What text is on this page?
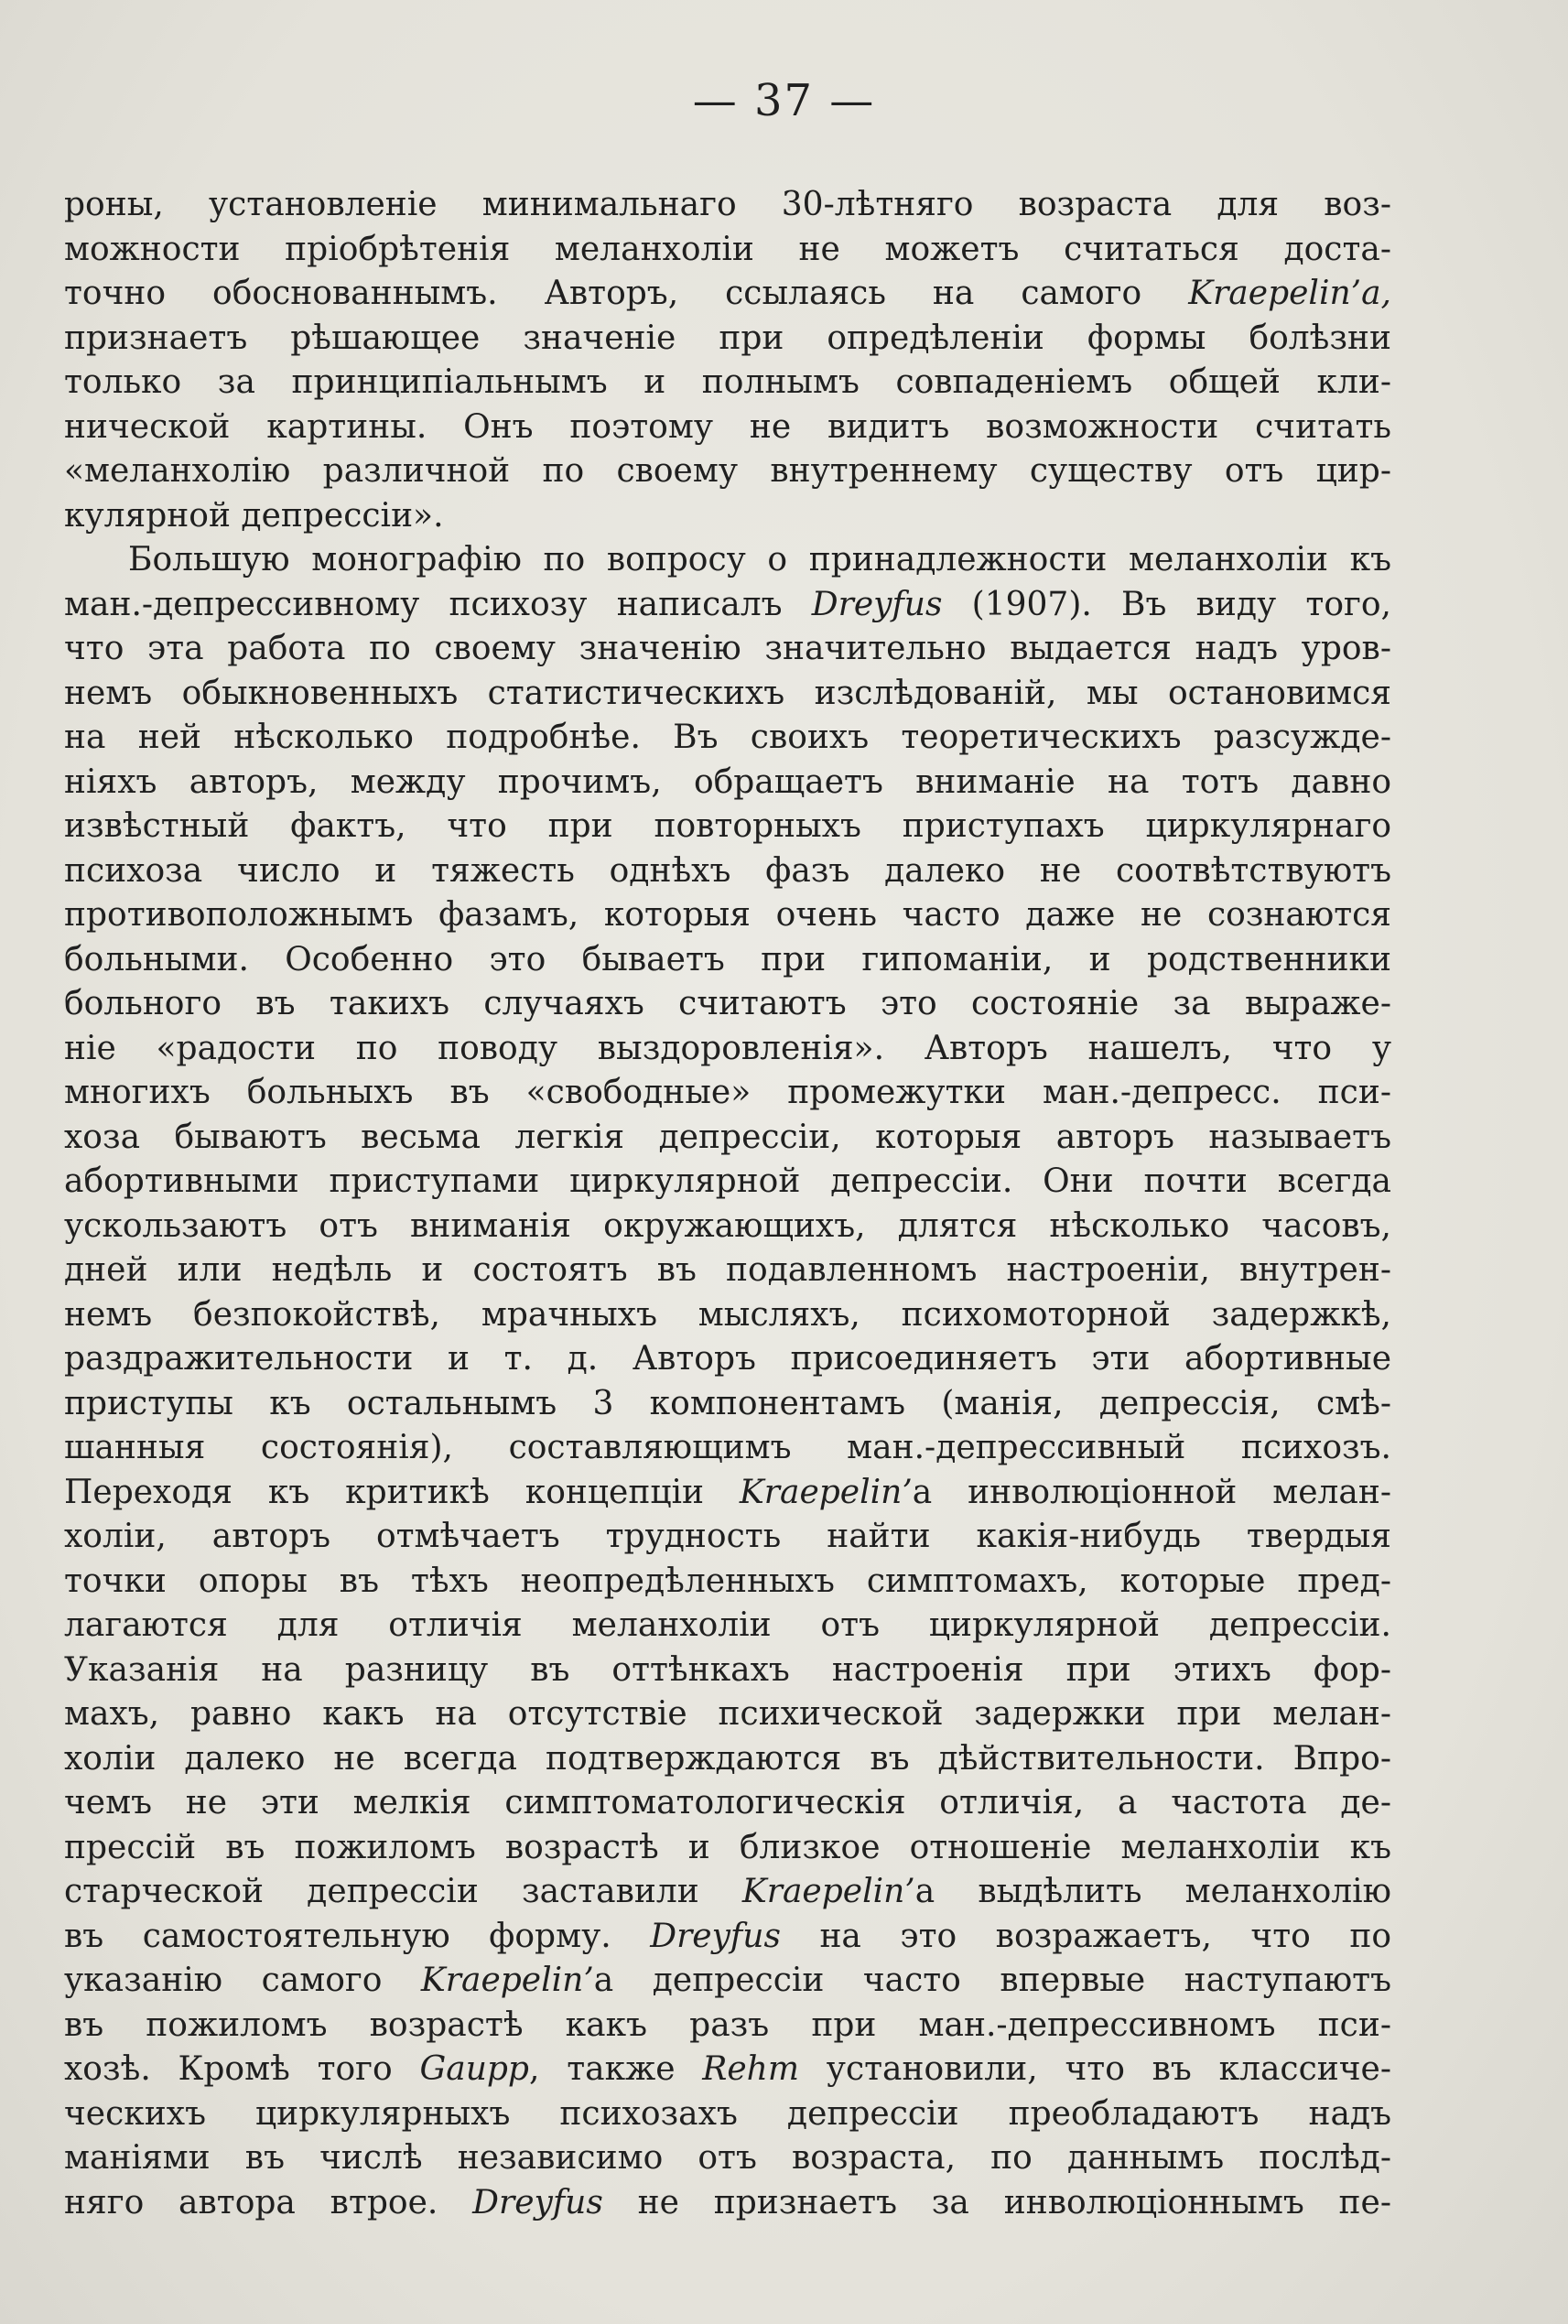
— 37 —
роны, установленіе минимальнаго 30-лѣтняго возраста для воз-
можности пріобрѣтенія меланхоліи не можетъ считаться доста-
точно обоснованнымъ. Авторъ, ссылаясь на самого Kraepelin’а,
признаетъ рѣшающее значеніе при опредѣленіи формы болѣзни
только за принципіальнымъ и полнымъ совпаденіемъ общей кли-
нической картины. Онъ поэтому не видитъ возможности считать
«меланхолію различной по своему внутреннему существу отъ цир-
кулярной депрессіи».
Большую монографію по вопросу о принадлежности меланхоліи къ
ман.-депрессивному психозу написалъ Dreyfus (1907). Въ виду того,
что эта работа по своему значенію значительно выдается надъ уров-
немъ обыкновенныхъ статистическихъ изслѣдованій, мы остановимся
на ней нѣсколько подробнѣе. Въ своихъ теоретическихъ разсужде-
ніяхъ авторъ, между прочимъ, обращаетъ вниманіе на тотъ давно
извѣстный фактъ, что при повторныхъ приступахъ циркулярнаго
психоза число и тяжесть однѣхъ фазъ далеко не соотвѣтствуютъ
противоположнымъ фазамъ, которыя очень часто даже не сознаются
больными. Особенно это бываетъ при гипоманіи, и родственники
больного въ такихъ случаяхъ считаютъ это состояніе за выраже-
ніе «радости по поводу выздоровленія». Авторъ нашелъ, что у
многихъ больныхъ въ «свободные» промежутки ман.-депресс. пси-
хоза бываютъ весьма легкія депрессіи, которыя авторъ называетъ
абортивными приступами циркулярной депрессіи. Они почти всегда
ускользаютъ отъ вниманія окружающихъ, длятся нѣсколько часовъ,
дней или недѣль и состоятъ въ подавленномъ настроеніи, внутрен-
немъ безпокойствѣ, мрачныхъ мысляхъ, психомоторной задержкѣ,
раздражительности и т. д. Авторъ присоединяетъ эти абортивные
приступы къ остальнымъ 3 компонентамъ (манія, депрессія, смѣ-
шанныя состоянія), составляющимъ ман.-депрессивный психозъ.
Переходя къ критикѣ концепціи Kraepelin’а инволюціонной мелан-
холіи, авторъ отмѣчаетъ трудность найти какія-нибудь твердыя
точки опоры въ тѣхъ неопредѣленныхъ симптомахъ, которые пред-
лагаются для отличія меланхоліи отъ циркулярной депрессіи.
Указанія на разницу въ оттѣнкахъ настроенія при этихъ фор-
махъ, равно какъ на отсутствіе психической задержки при мелан-
холіи далеко не всегда подтверждаются въ дѣйствительности. Впро-
чемъ не эти мелкія симптоматологическія отличія, а частота де-
прессій въ пожиломъ возрастѣ и близкое отношеніе меланхоліи къ
старческой депрессіи заставили Kraepelin’а выдѣлить меланхолію
въ самостоятельную форму. Dreyfus на это возражаетъ, что по
указанію самого Kraepelin’а депрессіи часто впервые наступаютъ
въ пожиломъ возрастѣ какъ разъ при ман.-депрессивномъ пси-
хозѣ. Кромѣ того Gaupp, также Rehm установили, что въ классиче-
ческихъ циркулярныхъ психозахъ депрессіи преобладаютъ надъ
маніями въ числѣ независимо отъ возраста, по даннымъ послѣд-
няго автора втрое. Dreyfus не признаетъ за инволюціоннымъ пе-
